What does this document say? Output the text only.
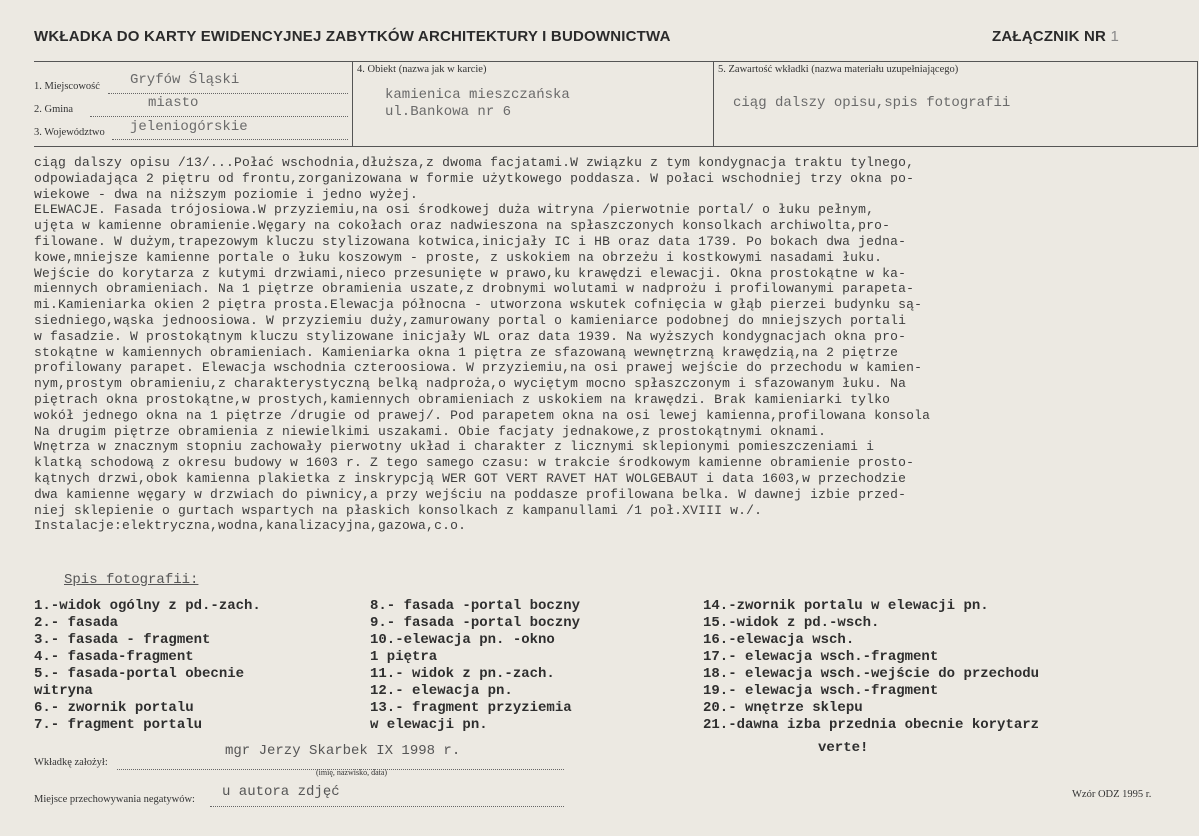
WKŁADKA DO KARTY EWIDENCYJNEJ ZABYTKÓW ARCHITEKTURY I BUDOWNICTWA	ZAŁĄCZNIK NR 1
1. Miejscowość Gryfów Śląski
2. Gmina	miasto
3. Województwo jeleniogórskie
4. Obiekt (nazwa jak w karcie)
kamienica mieszczańska
ul.Bankowa nr 6
5. Zawartość wkładki (nazwa materiału uzupełniającego)
ciąg dalszy opisu,spis fotografii
ciąg dalszy opisu /13/...Połać wschodnia,dłuższa,z dwoma facjatami.W związku z tym kondygnacja traktu tylnego,
odpowiadająca 2 piętru od frontu,zorganizowana w formie użytkowego poddasza. W połaci wschodniej trzy okna po-
wiekowe - dwa na niższym poziomie i jedno wyżej.
ELEWACJE. Fasada trójosiowa.W przyziemiu,na osi środkowej duża witryna /pierwotnie portal/ o łuku pełnym,
ujęta w kamienne obramienie.Węgary na cokołach oraz nadwieszona na spłaszczonych konsolkach archiwolta,pro-
filowane. W dużym,trapezowym kluczu stylizowana kotwica,inicjały IC i HB oraz data 1739. Po bokach dwa jedna-
kowe,mniejsze kamienne portale o łuku koszowym - proste, z uskokiem na obrzeżu i kostkowymi nasadami łuku.
Wejście do korytarza z kutymi drzwiami,nieco przesunięte w prawo,ku krawędzi elewacji. Okna prostokątne w ka-
miennych obramieniach. Na 1 piętrze obramienia uszate,z drobnymi wolutami w nadprożu i profilowanymi parapeta-
mi.Kamieniarka okien 2 piętra prosta.Elewacja północna - utworzona wskutek cofnięcia w głąb pierzei budynku są-
siedniego,wąska jednoosiowa. W przyziemiu duży,zamurowany portal o kamieniarce podobnej do mniejszych portali
w fasadzie. W prostokątnym kluczu stylizowane inicjały WL oraz data 1939. Na wyższych kondygnacjach okna pro-
stokątne w kamiennych obramieniach. Kamieniarka okna 1 piętra ze sfazowaną wewnętrzną krawędzią,na 2 piętrze
profilowany parapet. Elewacja wschodnia czteroosiowa. W przyziemiu,na osi prawej wejście do przechodu w kamien-
nym,prostym obramieniu,z charakterystyczną belką nadproża,o wyciętym mocno spłaszczonym i sfazowanym łuku. Na
piętrach okna prostokątne,w prostych,kamiennych obramieniach z uskokiem na krawędzi. Brak kamieniarki tylko
wokół jednego okna na 1 piętrze /drugie od prawej/. Pod parapetem okna na osi lewej kamienna,profilowana konsola
Na drugim piętrze obramienia z niewielkimi uszakami. Obie facjaty jednakowe,z prostokątnymi oknami.
Wnętrza w znacznym stopniu zachowały pierwotny układ i charakter z licznymi sklepionymi pomieszczeniami i
klatką schodową z okresu budowy w 1603 r. Z tego samego czasu: w trakcie środkowym kamienne obramienie prosto-
kątnych drzwi,obok kamienna plakietka z inskrypcją WER GOT VERT RAVET HAT WOLGEBAUT i data 1603,w przechodzie
dwa kamienne węgary w drzwiach do piwnicy,a przy wejściu na poddasze profilowana belka. W dawnej izbie przed-
niej sklepienie o gurtach wspartych na płaskich konsolkach z kampanullami /1 poł.XVIII w./.
Instalacje:elektryczna,wodna,kanalizacyjna,gazowa,c.o.
Spis fotografii:
1.-widok ogólny z pd.-zach.
2.- fasada
3.- fasada - fragment
4.- fasada-fragment
5.- fasada-portal obecnie
witryna
6.- zwornik portalu
7.- fragment portalu
8.- fasada -portal boczny
9.- fasada -portal boczny
10.-elewacja pn. -okno
1 piętra
11.- widok z pn.-zach.
12.- elewacja pn.
13.- fragment przyziemia
w elewacji pn.
14.-zwornik portalu w elewacji pn.
15.-widok z pd.-wsch.
16.-elewacja wsch.
17.- elewacja wsch.-fragment
18.- elewacja wsch.-wejście do przechodu
19.- elewacja wsch.-fragment
20.- wnętrze sklepu
21.-dawna izba przednia obecnie korytarz
verte!
Wkładkę założył:
mgr Jerzy Skarbek IX 1998 r.
(imię, nazwisko, data)
Miejsce przechowywania negatywów: u autora zdjęć	Wzór ODZ 1995 r.
